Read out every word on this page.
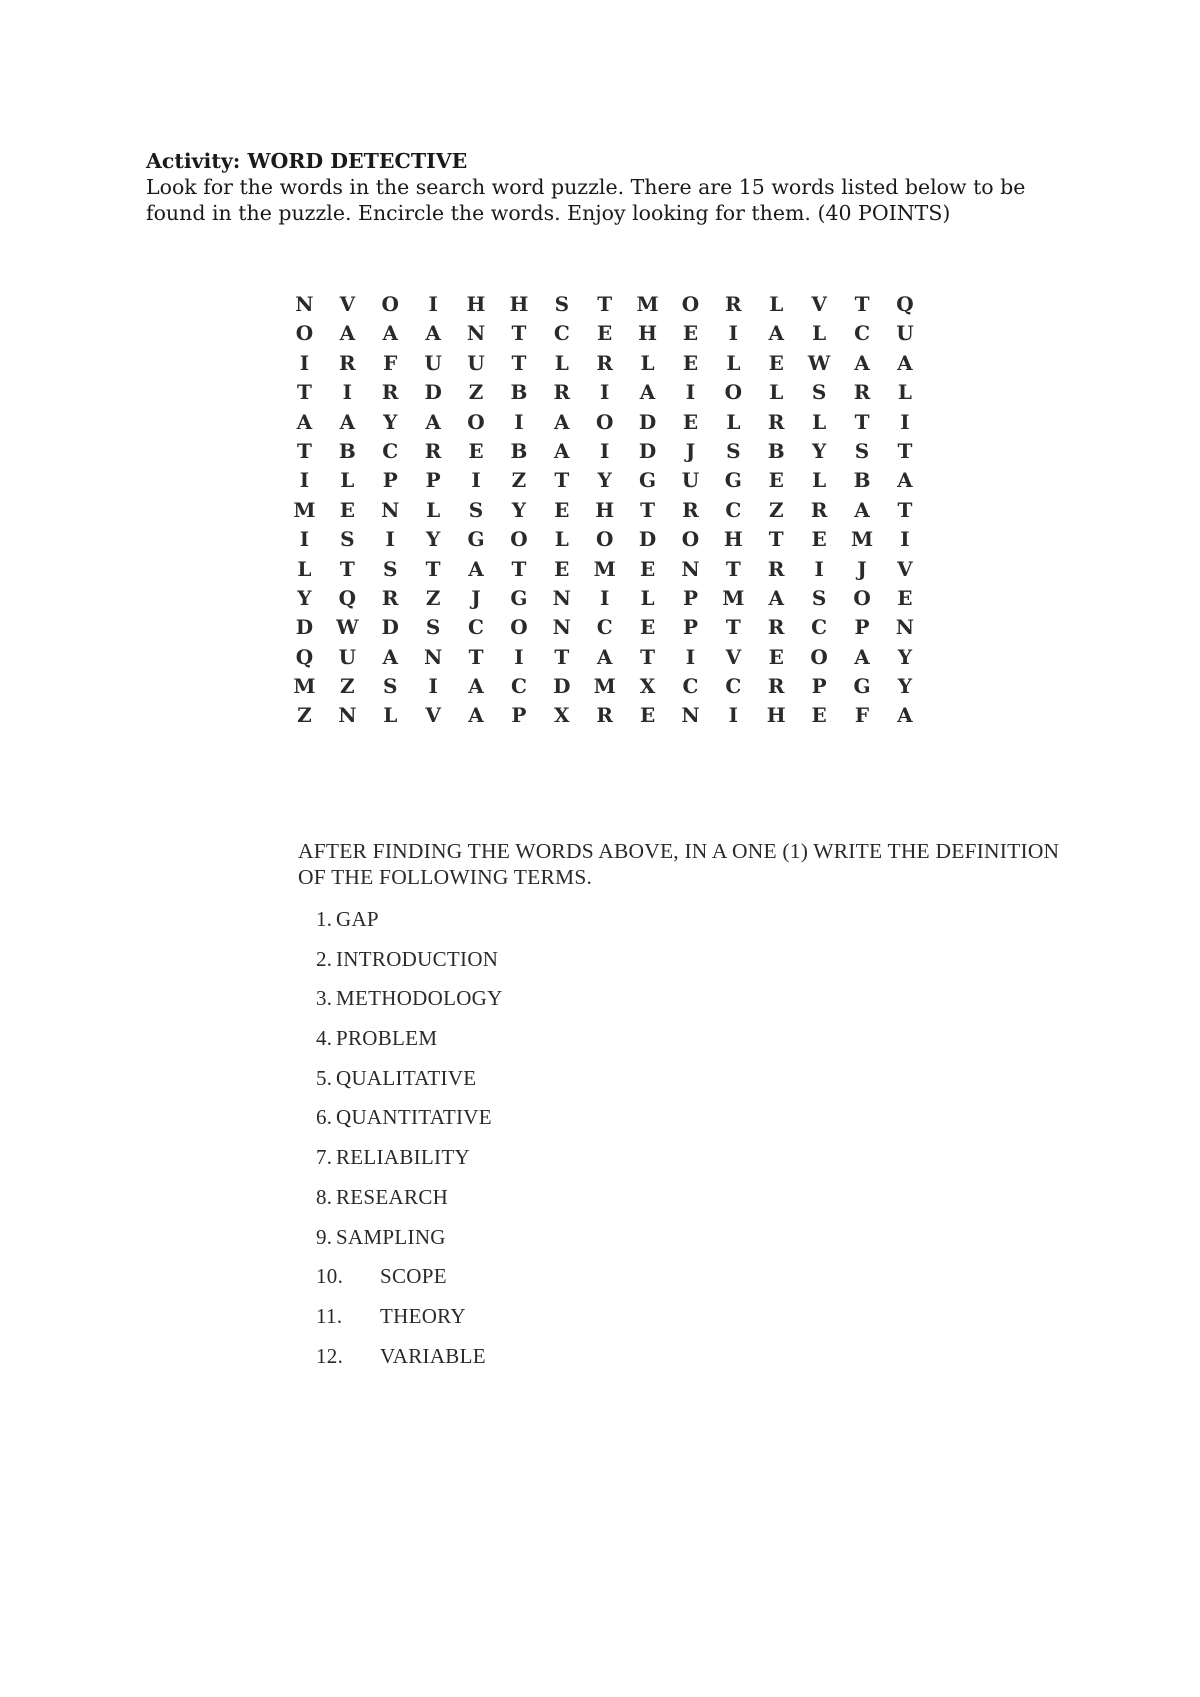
Activity: WORD DETECTIVE

Look for the words in the search word puzzle. There are 15 words listed below to be

found in the puzzle. Encircle the words. Enjoy looking for them. (40 POINTS)

N	V	O	I	H	H	S	T	M	O	R	L	V	T	Q
O	A	A	A	N	T	C	E	H	E	I	A	L	C	U
I	R	F	U	U	T	L	R	L	E	L	E	W	A	A
T	I	R	D	Z	B	R	I	A	I	O	L	S	R	L
A	A	Y	A	O	I	A	O	D	E	L	R	L	T	I
T	B	C	R	E	B	A	I	D	J	S	B	Y	S	T
I	L	P	P	I	Z	T	Y	G	U	G	E	L	B	A
M	E	N	L	S	Y	E	H	T	R	C	Z	R	A	T
I	S	I	Y	G	O	L	O	D	O	H	T	E	M	I
L	T	S	T	A	T	E	M	E	N	T	R	I	J	V
Y	Q	R	Z	J	G	N	I	L	P	M	A	S	O	E
D	W	D	S	C	O	N	C	E	P	T	R	C	P	N
Q	U	A	N	T	I	T	A	T	I	V	E	O	A	Y
M	Z	S	I	A	C	D	M	X	C	C	R	P	G	Y
Z	N	L	V	A	P	X	R	E	N	I	H	E	F	A
AFTER FINDING THE WORDS ABOVE, IN A ONE (1) WRITE THE DEFINITION
OF THE FOLLOWING TERMS.
1. GAP
2. INTRODUCTION
3. METHODOLOGY
4. PROBLEM
5. QUALITATIVE
6. QUANTITATIVE
7. RELIABILITY
8. RESEARCH
9. SAMPLING
10.	SCOPE
11.	THEORY
12.	VARIABLE
